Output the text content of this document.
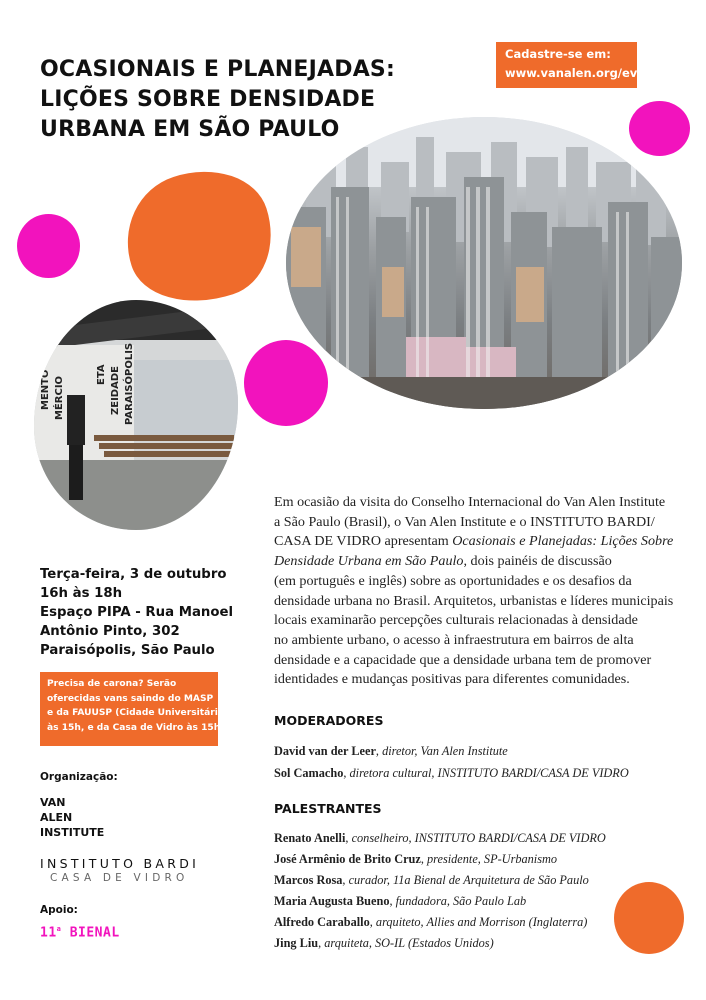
OCASIONAIS E PLANEJADAS:
LIÇÕES SOBRE DENSIDADE
URBANA EM SÃO PAULO
Cadastre-se em:
www.vanalen.org/events
MENTO MÉRCIO
ETA ZEIDADE PARAISÓPOLIS
Em ocasião da visita do Conselho Internacional do Van Alen Institute
a São Paulo (Brasil), o Van Alen Institute e o INSTITUTO BARDI/
CASA DE VIDRO apresentam Ocasionais e Planejadas: Lições Sobre
Densidade Urbana em São Paulo, dois painéis de discussão
(em português e inglês) sobre as oportunidades e os desafios da
densidade urbana no Brasil. Arquitetos, urbanistas e líderes municipais
locais examinarão percepções culturais relacionadas à densidade
no ambiente urbano, o acesso à infraestrutura em bairros de alta
densidade e a capacidade que a densidade urbana tem de promover
identidades e mudanças positivas para diferentes comunidades.
Terça-feira, 3 de outubro
16h às 18h
Espaço PIPA - Rua Manoel
Antônio Pinto, 302
Paraisópolis, São Paulo
Precisa de carona? Serão
oferecidas vans saindo do MASP
e da FAUUSP (Cidade Universitária)
às 15h, e da Casa de Vidro às 15h30.
Organização:
VAN
ALEN
INSTITUTE
INSTITUTO BARDI
CASA DE VIDRO
Apoio:
11$^a$ BIENAL
MODERADORES
David van der Leer, diretor, Van Alen Institute
Sol Camacho, diretora cultural, INSTITUTO BARDI/CASA DE VIDRO
PALESTRANTES
Renato Anelli, conselheiro, INSTITUTO BARDI/CASA DE VIDRO
José Armênio de Brito Cruz, presidente, SP-Urbanismo
Marcos Rosa, curador, 11a Bienal de Arquitetura de São Paulo
Maria Augusta Bueno, fundadora, São Paulo Lab
Alfredo Caraballo, arquiteto, Allies and Morrison (Inglaterra)
Jing Liu, arquiteta, SO-IL (Estados Unidos)
